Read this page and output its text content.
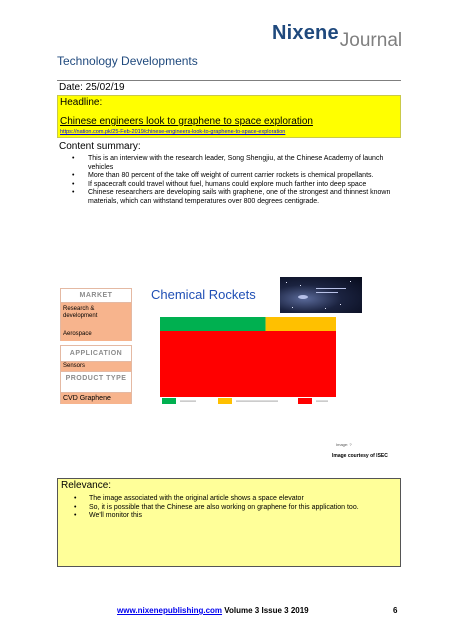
NixeneJournal
Technology Developments
Date: 25/02/19
Headline:
Chinese engineers look to graphene to space exploration
https://nation.com.pk/25-Feb-2019/chinese-engineers-look-to-graphene-to-space-exploration
Content summary:
• This is an interview with the research leader, Song Shengjiu, at the Chinese Academy of launch vehicles
• More than 80 percent of the take off weight of current carrier rockets is chemical propellants.
• If spacecraft could travel without fuel, humans could explore much farther into deep space
• Chinese researchers are developing sails with graphene, one of the strongest and thinnest known materials, which can withstand temperatures over 800 degrees centigrade.
MARKET
Research & development
Aerospace
APPLICATION
Sensors
PRODUCT TYPE
CVD Graphene
Chemical Rockets
Image: ?
Image courtesy of ISEC
Relevance:
• The image associated with the original article shows a space elevator
• So, it is possible that the Chinese are also working on graphene for this application too.
• We'll monitor this
www.nixenepublishing.com Volume 3 Issue 3 2019	6
